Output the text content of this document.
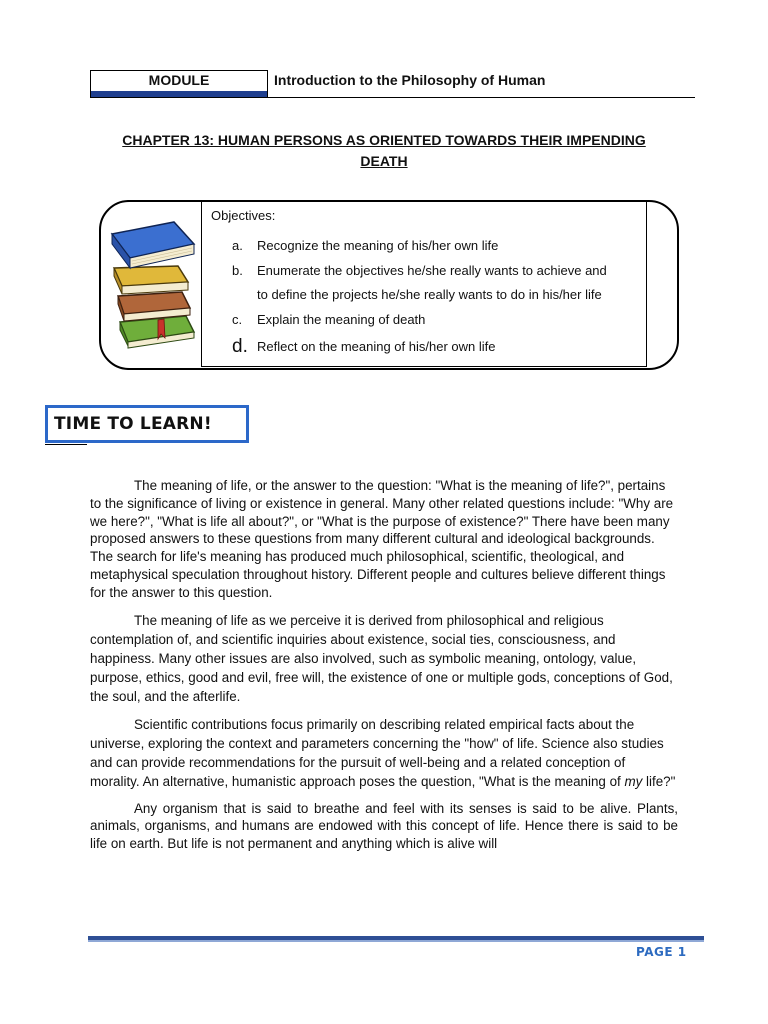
MODULE	Introduction to the Philosophy of Human
CHAPTER 13: HUMAN PERSONS AS ORIENTED TOWARDS THEIR IMPENDING
DEATH
Objectives:
a. Recognize the meaning of his/her own life
b. Enumerate the objectives he/she really wants to achieve and
to define the projects he/she really wants to do in his/her life
c. Explain the meaning of death
d. Reflect on the meaning of his/her own life
TIME TO LEARN!

The meaning of life, or the answer to the question: "What is the meaning of life?", pertains to the significance of living or existence in general. Many other related questions include: "Why are we here?", "What is life all about?", or "What is the purpose of existence?" There have been many proposed answers to these questions from many different cultural and ideological backgrounds. The search for life's meaning has produced much philosophical, scientific, theological, and metaphysical speculation throughout history. Different people and cultures believe different things for the answer to this question.

The meaning of life as we perceive it is derived from philosophical and religious contemplation of, and scientific inquiries about existence, social ties, consciousness, and happiness. Many other issues are also involved, such as symbolic meaning, ontology, value, purpose, ethics, good and evil, free will, the existence of one or multiple gods, conceptions of God, the soul, and the afterlife.

Scientific contributions focus primarily on describing related empirical facts about the universe, exploring the context and parameters concerning the "how" of life. Science also studies and can provide recommendations for the pursuit of well-being and a related conception of morality. An alternative, humanistic approach poses the question, "What is the meaning of my life?"

Any organism that is said to breathe and feel with its senses is said to be alive. Plants, animals, organisms, and humans are endowed with this concept of life. Hence there is said to be life on earth. But life is not permanent and anything which is alive will

PAGE 1
